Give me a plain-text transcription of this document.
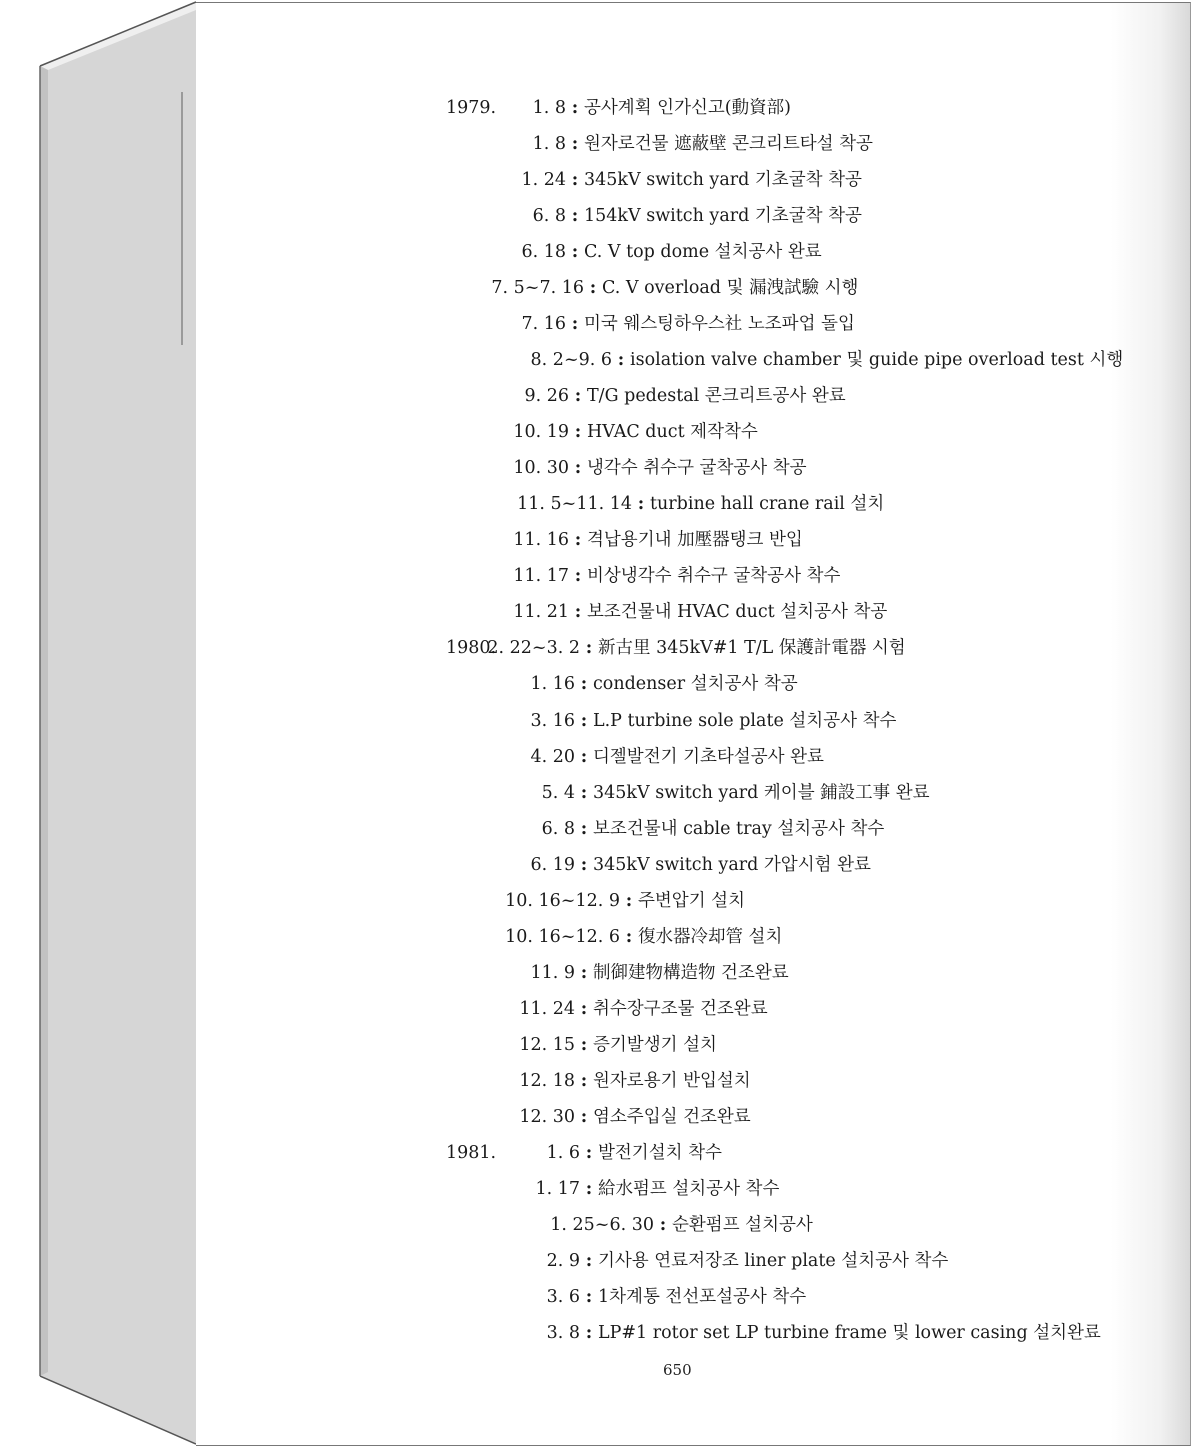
1979.	1. 8 : 공사계획 인가신고(動資部)
1. 8 : 원자로건물 遮蔽壁 콘크리트타설 착공
1. 24 : 345kV switch yard 기초굴착 착공
6. 8 : 154kV switch yard 기초굴착 착공
6. 18 : C. V top dome 설치공사 완료
7. 5~7. 16 : C. V overload 및 漏洩試驗 시행
7. 16 : 미국 웨스팅하우스社 노조파업 돌입
8. 2~9. 6 : isolation valve chamber 및 guide pipe overload test 시행
9. 26 : T/G pedestal 콘크리트공사 완료
10. 19 : HVAC duct 제작착수
10. 30 : 냉각수 취수구 굴착공사 착공
11. 5~11. 14 : turbine hall crane rail 설치
11. 16 : 격납용기내 加壓器탱크 반입
11. 17 : 비상냉각수 취수구 굴착공사 착수
11. 21 : 보조건물내 HVAC duct 설치공사 착공
1980.
2. 22~3. 2 : 新古里 345kV#1 T/L 保護計電器 시험
1. 16 : condenser 설치공사 착공
3. 16 : L.P turbine sole plate 설치공사 착수
4. 20 : 디젤발전기 기초타설공사 완료
5. 4 : 345kV switch yard 케이블 鋪設工事 완료
6. 8 : 보조건물내 cable tray 설치공사 착수
6. 19 : 345kV switch yard 가압시험 완료
10. 16~12. 9 : 주변압기 설치
10. 16~12. 6 : 復水器冷却管 설치
11. 9 : 制御建物構造物 건조완료
11. 24 : 취수장구조물 건조완료
12. 15 : 증기발생기 설치
12. 18 : 원자로용기 반입설치
12. 30 : 염소주입실 건조완료
1981.	1. 6 : 발전기설치 착수
1. 17 : 給水펌프 설치공사 착수
1. 25~6. 30 : 순환펌프 설치공사
2. 9 : 기사용 연료저장조 liner plate 설치공사 착수
3. 6 : 1차계통 전선포설공사 착수
3. 8 : LP#1 rotor set LP turbine frame 및 lower casing 설치완료
650
